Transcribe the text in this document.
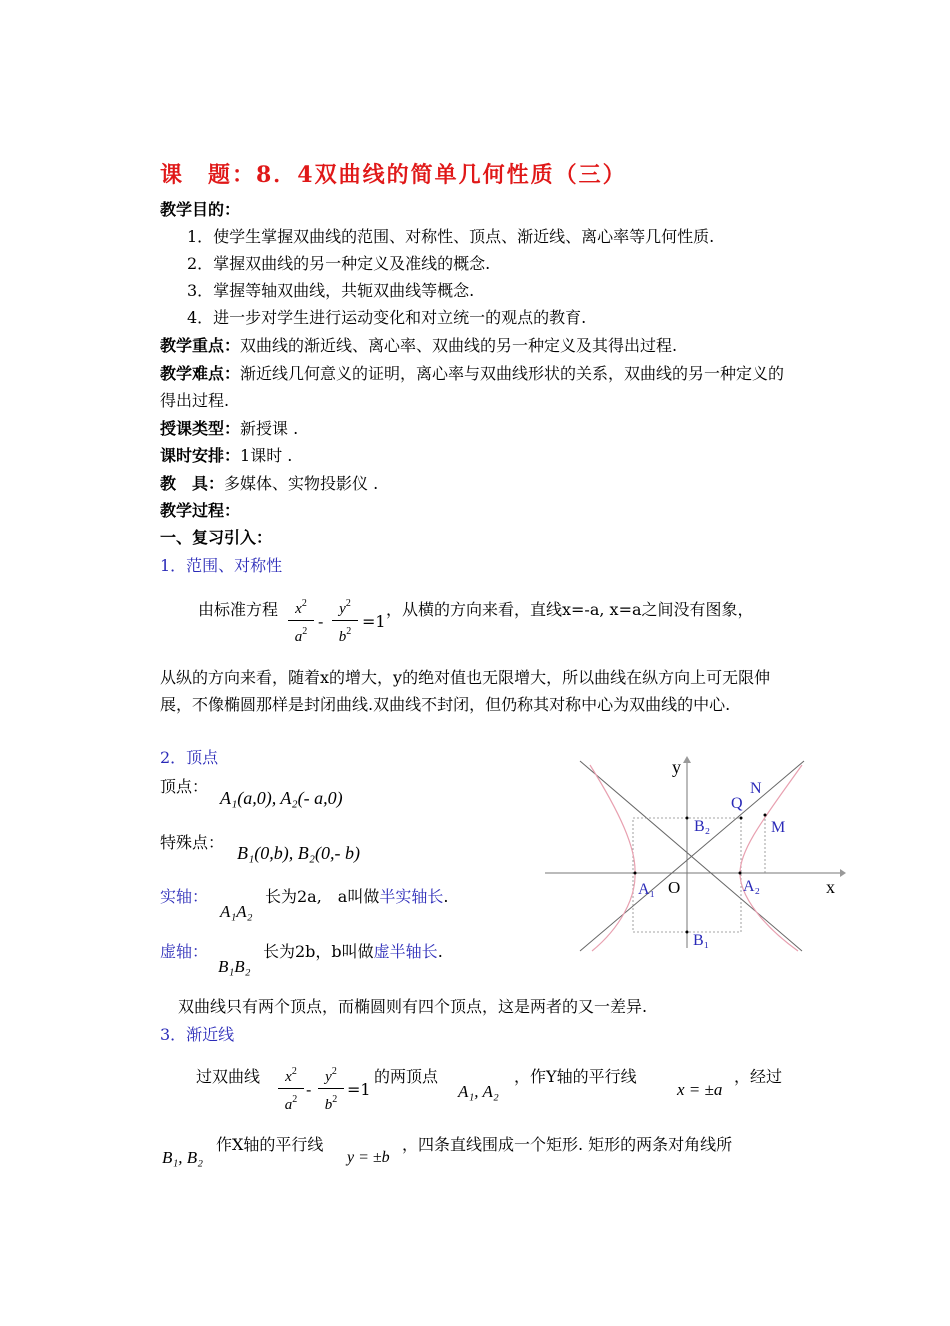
课　题：8．4双曲线的简单几何性质（三）
教学目的：
1．使学生掌握双曲线的范围、对称性、顶点、渐近线、离心率等几何性质.
2．掌握双曲线的另一种定义及准线的概念.
3．掌握等轴双曲线，共轭双曲线等概念.
4．进一步对学生进行运动变化和对立统一的观点的教育.
教学重点：双曲线的渐近线、离心率、双曲线的另一种定义及其得出过程.
教学难点：渐近线几何意义的证明，离心率与双曲线形状的关系，双曲线的另一种定义的得出过程.
授课类型：新授课 .
课时安排：1课时 .
教　具：多媒体、实物投影仪 .
教学过程：
一、复习引入：
1．范围、对称性
由标准方程	$x^2$
$a^2$
-
$y^2$
$b^2$
=1
，从横的方向来看，直线x=-a, x=a之间没有图象，
从纵的方向来看，随着x的增大，y的绝对值也无限增大，所以曲线在纵方向上可无限伸展，不像椭圆那样是封闭曲线.双曲线不封闭，但仍称其对称中心为双曲线的中心.
2．顶点
顶点：
A₁(a,0), A₂(- a,0)
特殊点：
B₁(0,b), B₂(0,- b)
实轴：
A₁A₂
长为2a,　a叫做半实轴长.
虚轴：
B₁B₂
长为2b，b叫做虚半轴长.
双曲线只有两个顶点，而椭圆则有四个顶点，这是两者的又一差异.
3．渐近线
过双曲线	$x^2$
$a^2$
-
$y^2$
$b^2$
=1
的两顶点
A₁, A₂
，作Y轴的平行线
x = ±a
，经过
B₁, B₂
作X轴的平行线
y = ±b
，四条直线围成一个矩形. 矩形的两条对角线所
y
x
O
N
Q
M
B₂
B₁
A₁	A₂
